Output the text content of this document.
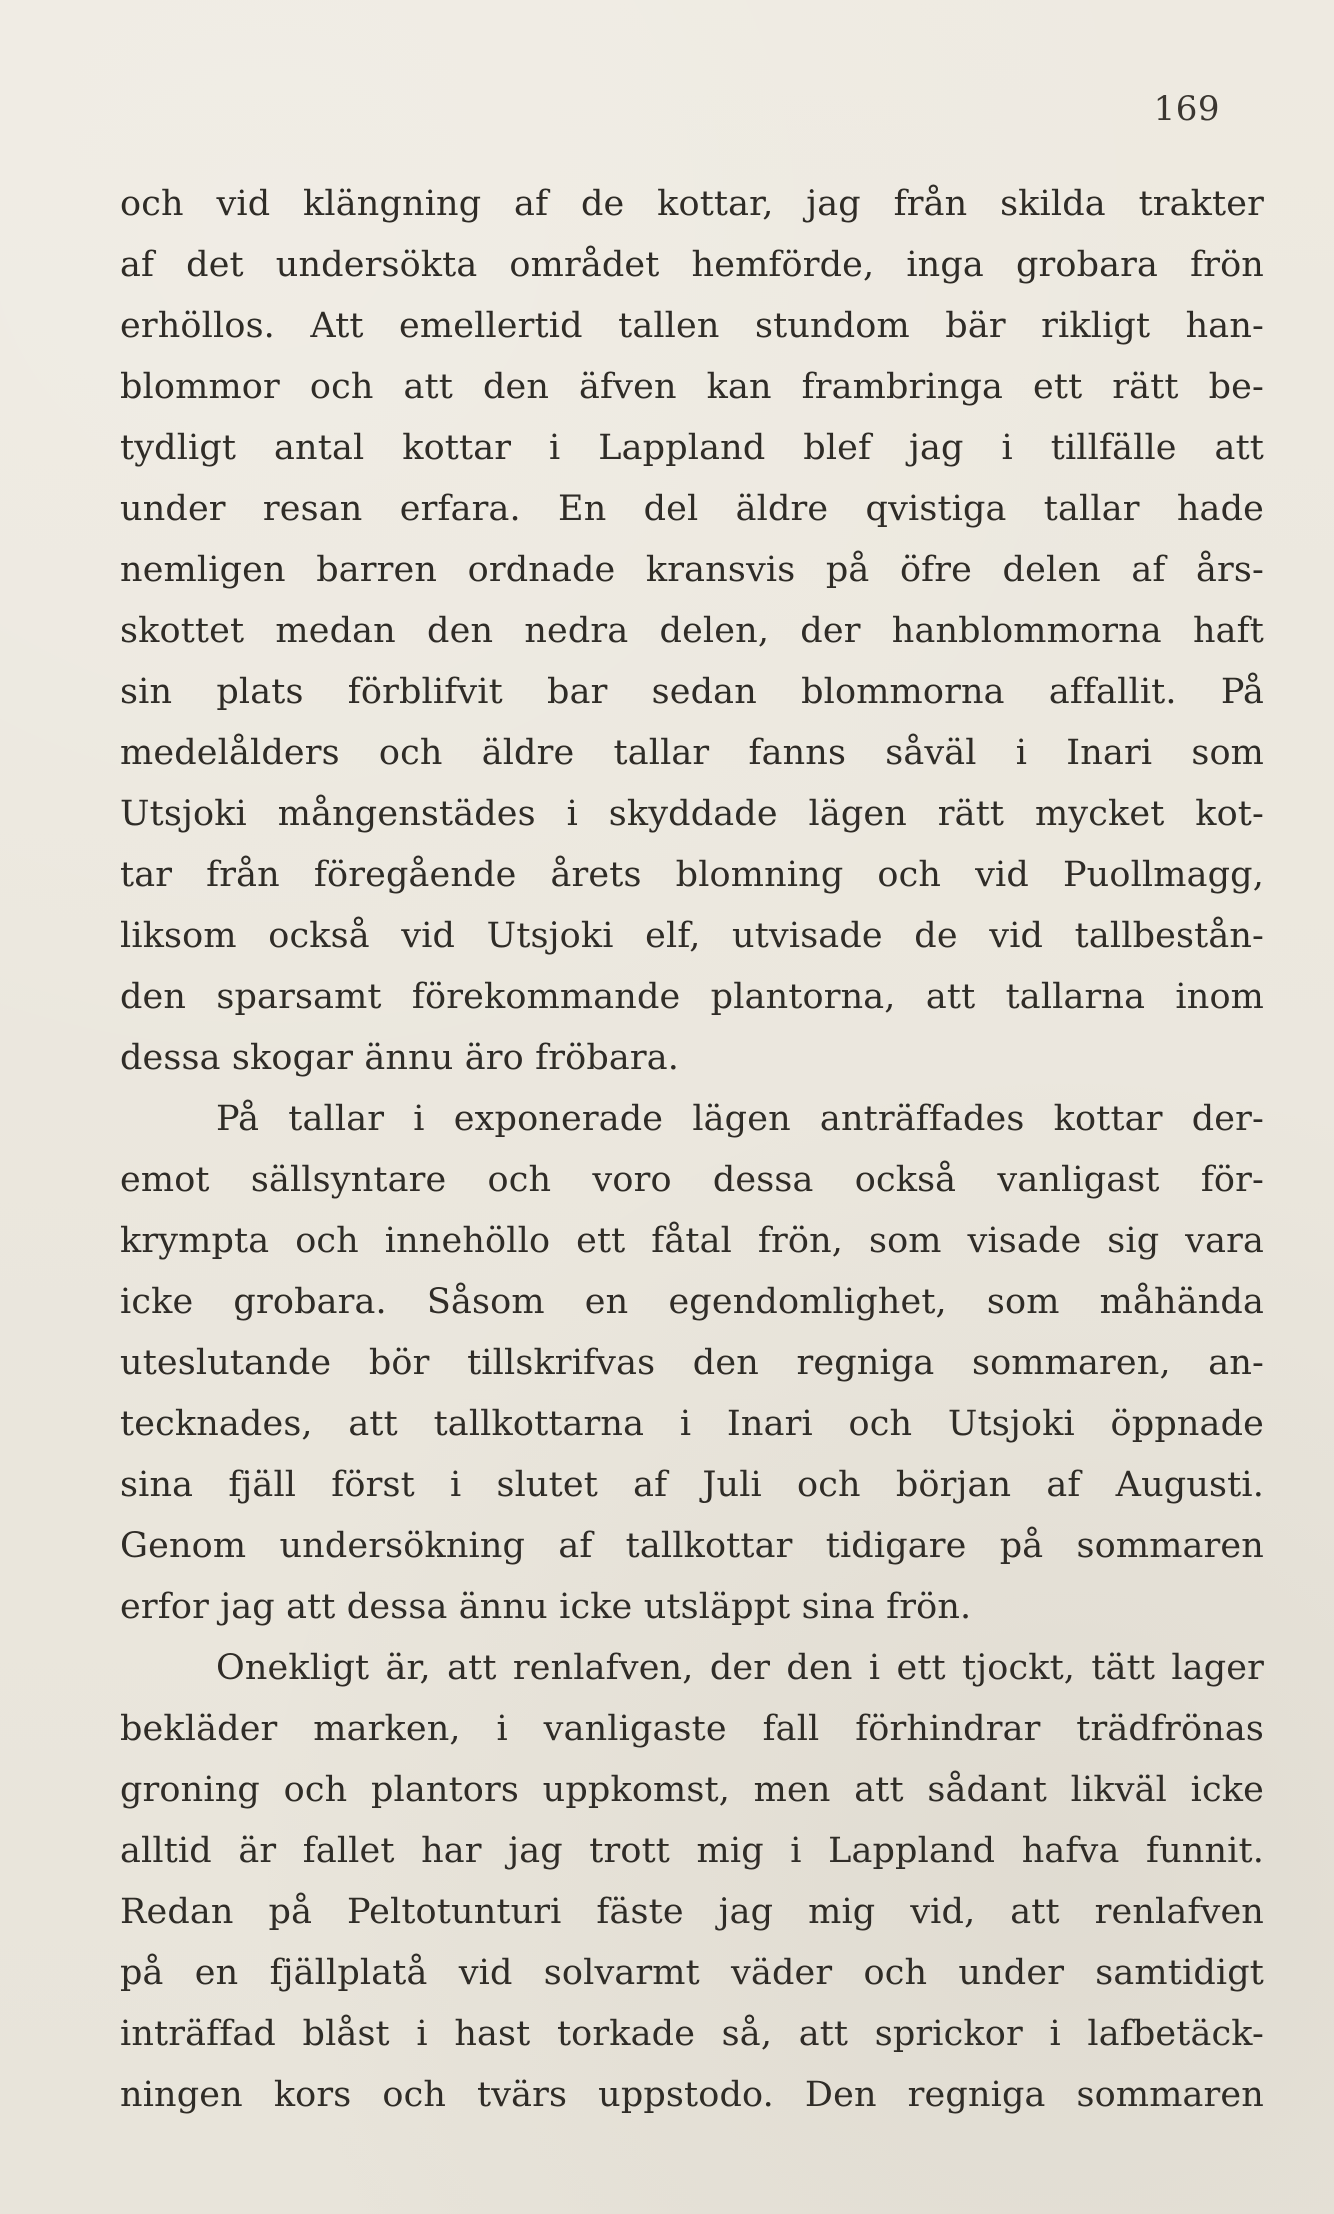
169
och vid klängning af de kottar, jag från skilda trakter
af det undersökta området hemförde, inga grobara frön
erhöllos. Att emellertid tallen stundom bär rikligt han-
blommor och att den äfven kan frambringa ett rätt be-
tydligt antal kottar i Lappland blef jag i tillfälle att
under resan erfara. En del äldre qvistiga tallar hade
nemligen barren ordnade kransvis på öfre delen af års-
skottet medan den nedra delen, der hanblommorna haft
sin plats förblifvit bar sedan blommorna affallit. På
medelålders och äldre tallar fanns såväl i Inari som
Utsjoki mångenstädes i skyddade lägen rätt mycket kot-
tar från föregående årets blomning och vid Puollmagg,
liksom också vid Utsjoki elf, utvisade de vid tallbestån-
den sparsamt förekommande plantorna, att tallarna inom
dessa skogar ännu äro fröbara.
På tallar i exponerade lägen anträffades kottar der-
emot sällsyntare och voro dessa också vanligast för-
krympta och innehöllo ett fåtal frön, som visade sig vara
icke grobara. Såsom en egendomlighet, som måhända
uteslutande bör tillskrifvas den regniga sommaren, an-
tecknades, att tallkottarna i Inari och Utsjoki öppnade
sina fjäll först i slutet af Juli och början af Augusti.
Genom undersökning af tallkottar tidigare på sommaren
erfor jag att dessa ännu icke utsläppt sina frön.
Onekligt är, att renlafven, der den i ett tjockt, tätt lager
bekläder marken, i vanligaste fall förhindrar trädfrönas
groning och plantors uppkomst, men att sådant likväl icke
alltid är fallet har jag trott mig i Lappland hafva funnit.
Redan på Peltotunturi fäste jag mig vid, att renlafven
på en fjällplatå vid solvarmt väder och under samtidigt
inträffad blåst i hast torkade så, att sprickor i lafbetäck-
ningen kors och tvärs uppstodo. Den regniga sommaren
